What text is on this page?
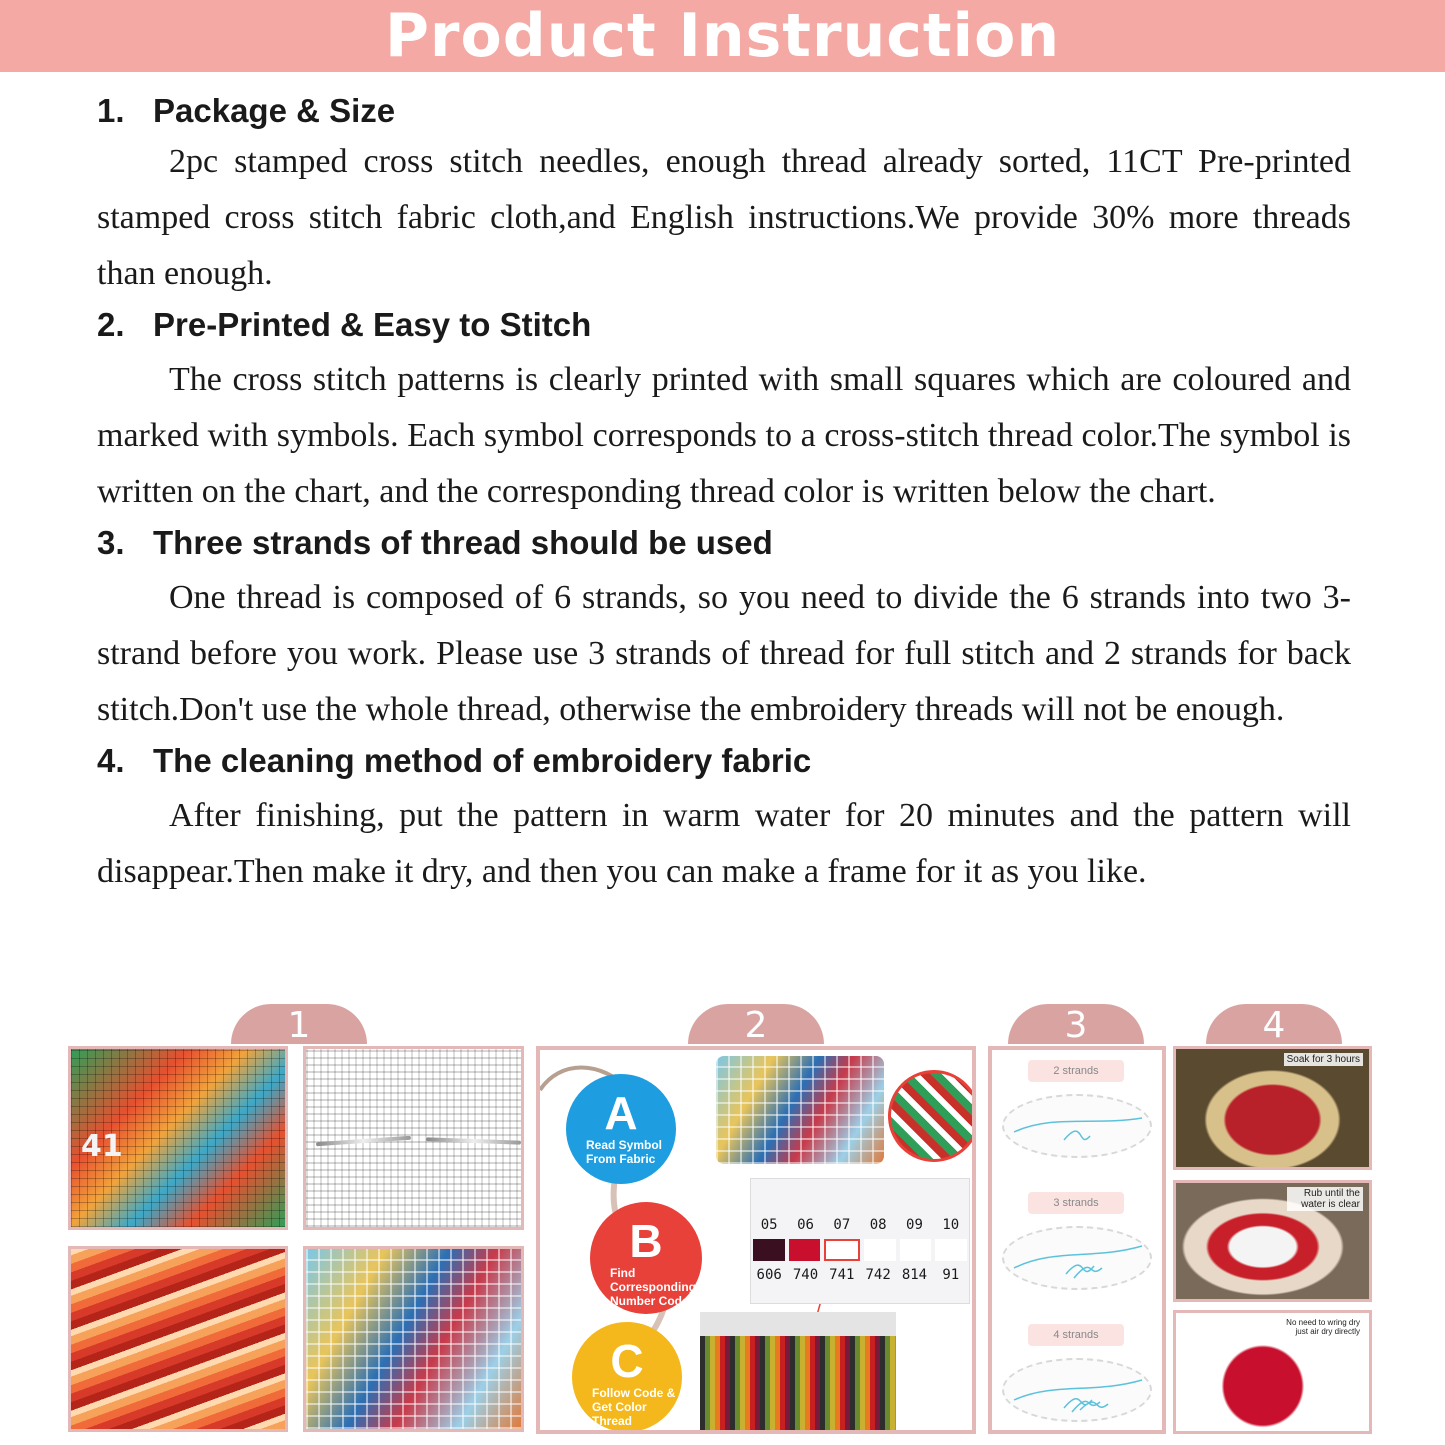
Product Instruction
1. Package & Size

2pc stamped cross stitch needles, enough thread already sorted, 11CT Pre-printed stamped cross stitch fabric cloth,and English instructions.We provide 30% more threads than enough.

2. Pre-Printed & Easy to Stitch

The cross stitch patterns is clearly printed with small squares which are coloured and marked with symbols. Each symbol corresponds to a cross-stitch thread color.The symbol is written on the chart, and the corresponding thread color is written below the chart.

3. Three strands of thread should be used

One thread is composed of 6 strands, so you need to divide the 6 strands into two 3-strand before you work. Please use 3 strands of thread for full stitch and 2 strands for back stitch.Don't use the whole thread, otherwise the embroidery threads will not be enough.

4. The cleaning method of embroidery fabric

After finishing, put the pattern in warm water for 20 minutes and the pattern will disappear.Then make it dry, and then you can make a frame for it as you like.

1	2	3	4
41
A
Read Symbol From Fabric
B
Find Corresponding Number Code
C
Follow Code & Get Color Thread
05	06	07	08	09	10
606 740 741 742 814	91
2 strands
3 strands
4 strands
Soak for 3 hours
Rub until the water is clear
No need to wring dry just air dry directly
